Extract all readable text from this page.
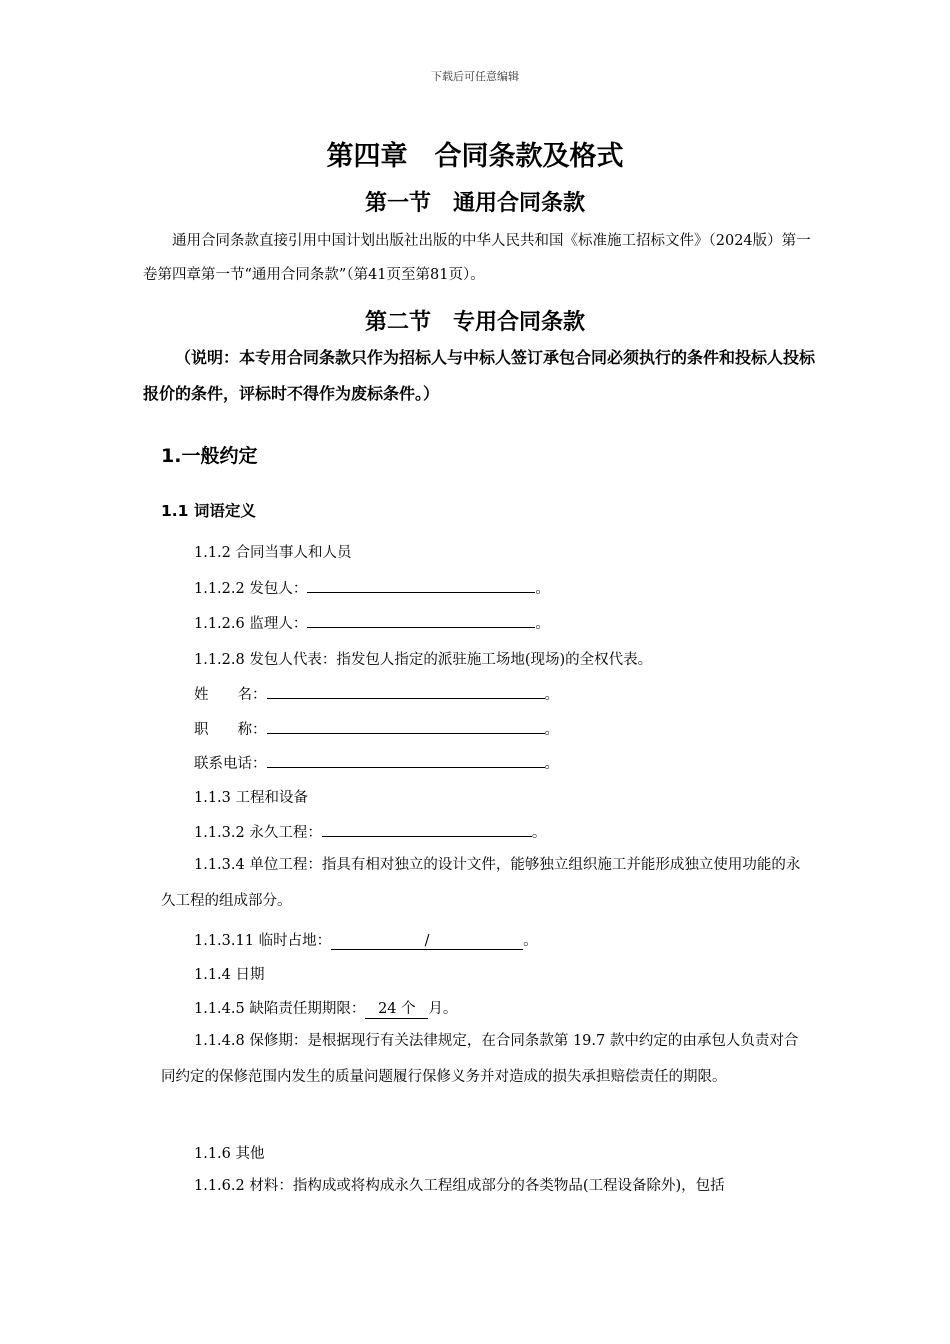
下载后可任意编辑
第四章　合同条款及格式
第一节　通用合同条款

通用合同条款直接引用中国计划出版社出版的中华人民共和国《标准施工招标文件》（2024版）第一卷第四章第一节“通用合同条款”（第41页至第81页）。

第二节　专用合同条款

（说明：本专用合同条款只作为招标人与中标人签订承包合同必须执行的条件和投标人投标报价的条件，评标时不得作为废标条件。）

1.一般约定
1.1 词语定义
1.1.2 合同当事人和人员
1.1.2.2 发包人：	。
1.1.2.6 监理人：	。
1.1.2.8 发包人代表：指发包人指定的派驻施工场地(现场)的全权代表。
姓　　名：	。
职　　称：	。
联系电话：	。
1.1.3 工程和设备
1.1.3.2 永久工程：	。

1.1.3.4 单位工程：指具有相对独立的设计文件，能够独立组织施工并能形成独立使用功能的永久工程的组成部分。

1.1.3.11 临时占地：	/	。
1.1.4 日期
1.1.4.5 缺陷责任期期限： 24 个 月。

1.1.4.8 保修期：是根据现行有关法律规定，在合同条款第 19.7 款中约定的由承包人负责对合同约定的保修范围内发生的质量问题履行保修义务并对造成的损失承担赔偿责任的期限。

1.1.6 其他

1.1.6.2 材料：指构成或将构成永久工程组成部分的各类物品(工程设备除外)，包括
